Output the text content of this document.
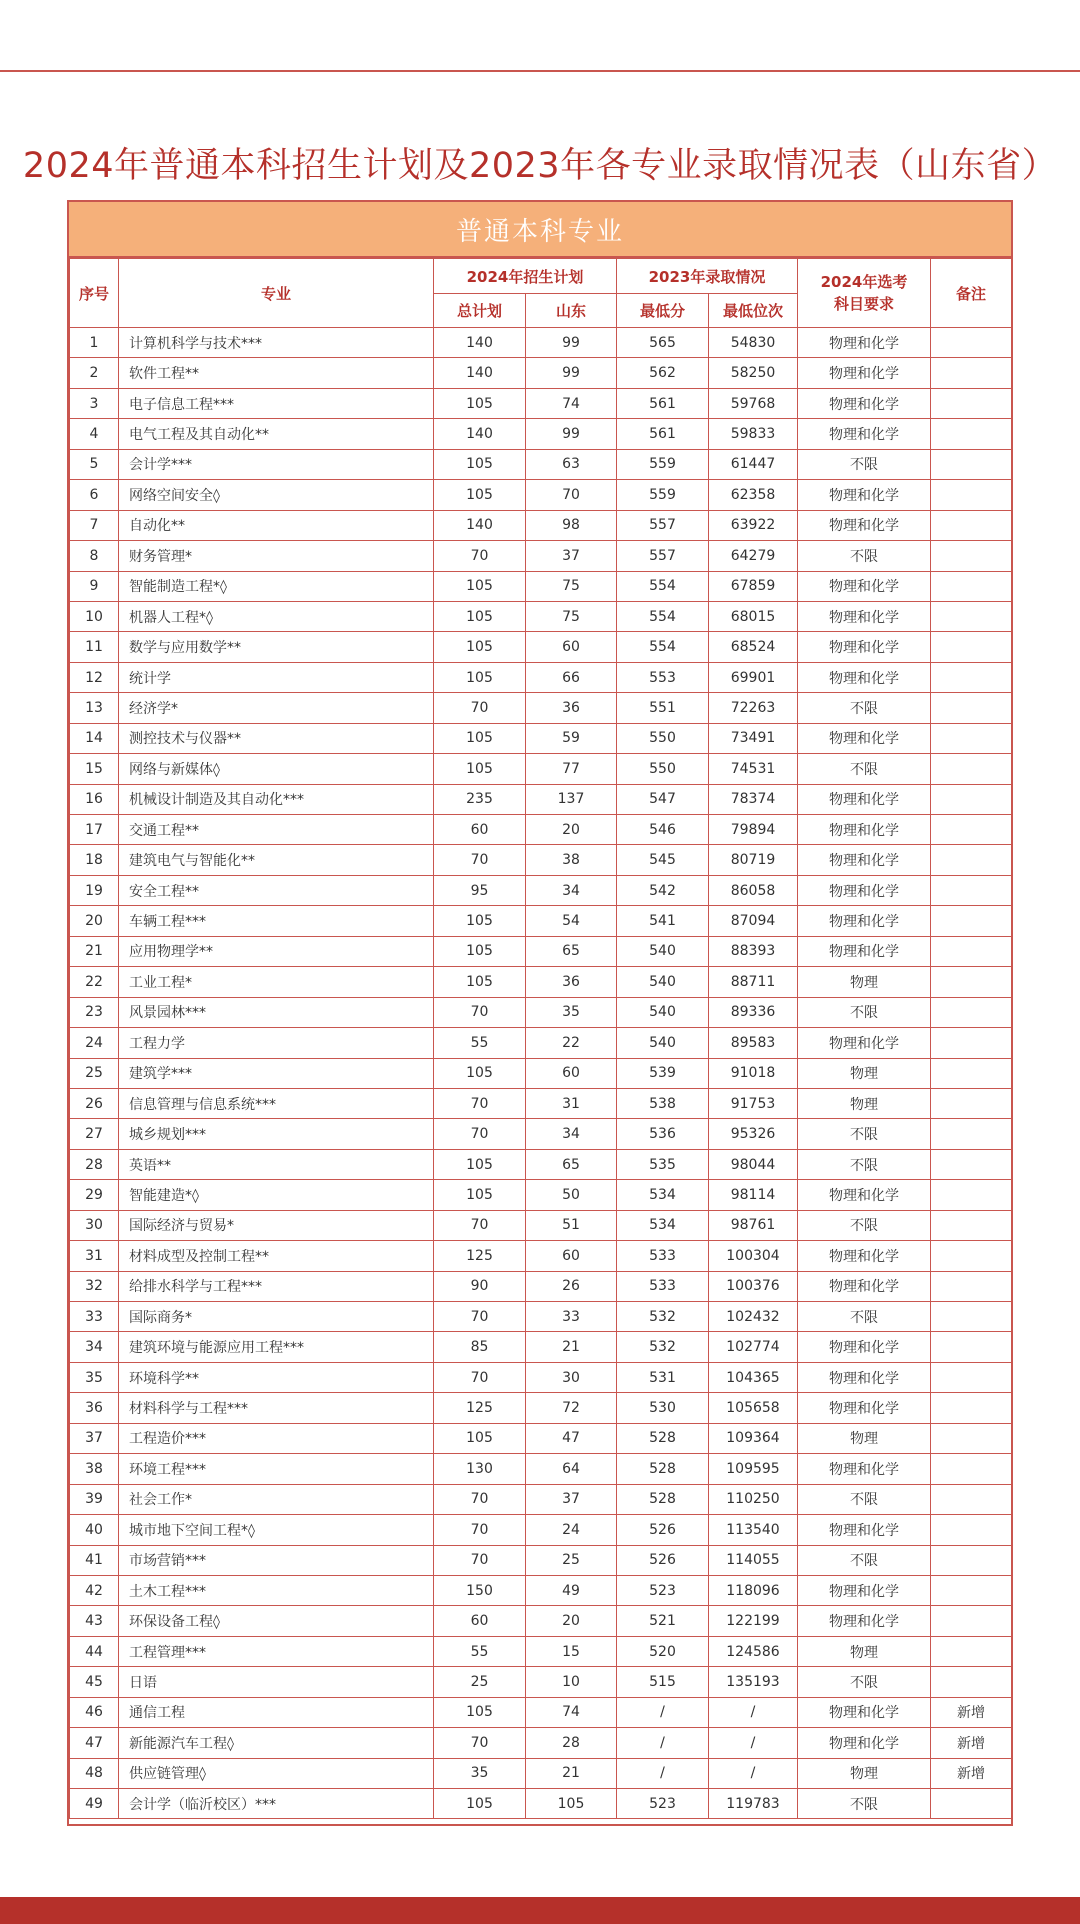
2024年普通本科招生计划及2023年各专业录取情况表（山东省）
普通本科专业
序号	专业	2024年招生计划		2023年录取情况		2024年选考
科目要求	备注
		总计划	山东	最低分	最低位次		
1	计算机科学与技术***	140	99	565	54830	物理和化学	
2	软件工程**	140	99	562	58250	物理和化学	
3	电子信息工程***	105	74	561	59768	物理和化学	
4	电气工程及其自动化**	140	99	561	59833	物理和化学	
5	会计学***	105	63	559	61447	不限	
6	网络空间安全◊	105	70	559	62358	物理和化学	
7	自动化**	140	98	557	63922	物理和化学	
8	财务管理*	70	37	557	64279	不限	
9	智能制造工程*◊	105	75	554	67859	物理和化学	
10	机器人工程*◊	105	75	554	68015	物理和化学	
11	数学与应用数学**	105	60	554	68524	物理和化学	
12	统计学	105	66	553	69901	物理和化学	
13	经济学*	70	36	551	72263	不限	
14	测控技术与仪器**	105	59	550	73491	物理和化学	
15	网络与新媒体◊	105	77	550	74531	不限	
16	机械设计制造及其自动化***	235	137	547	78374	物理和化学	
17	交通工程**	60	20	546	79894	物理和化学	
18	建筑电气与智能化**	70	38	545	80719	物理和化学	
19	安全工程**	95	34	542	86058	物理和化学	
20	车辆工程***	105	54	541	87094	物理和化学	
21	应用物理学**	105	65	540	88393	物理和化学	
22	工业工程*	105	36	540	88711	物理	
23	风景园林***	70	35	540	89336	不限	
24	工程力学	55	22	540	89583	物理和化学	
25	建筑学***	105	60	539	91018	物理	
26	信息管理与信息系统***	70	31	538	91753	物理	
27	城乡规划***	70	34	536	95326	不限	
28	英语**	105	65	535	98044	不限	
29	智能建造*◊	105	50	534	98114	物理和化学	
30	国际经济与贸易*	70	51	534	98761	不限	
31	材料成型及控制工程**	125	60	533	100304	物理和化学	
32	给排水科学与工程***	90	26	533	100376	物理和化学	
33	国际商务*	70	33	532	102432	不限	
34	建筑环境与能源应用工程***	85	21	532	102774	物理和化学	
35	环境科学**	70	30	531	104365	物理和化学	
36	材料科学与工程***	125	72	530	105658	物理和化学	
37	工程造价***	105	47	528	109364	物理	
38	环境工程***	130	64	528	109595	物理和化学	
39	社会工作*	70	37	528	110250	不限	
40	城市地下空间工程*◊	70	24	526	113540	物理和化学	
41	市场营销***	70	25	526	114055	不限	
42	土木工程***	150	49	523	118096	物理和化学	
43	环保设备工程◊	60	20	521	122199	物理和化学	
44	工程管理***	55	15	520	124586	物理	
45	日语	25	10	515	135193	不限	
46	通信工程	105	74	/	/	物理和化学	新增
47	新能源汽车工程◊	70	28	/	/	物理和化学	新增
48	供应链管理◊	35	21	/	/	物理	新增
49	会计学（临沂校区）***	105	105	523	119783	不限	
